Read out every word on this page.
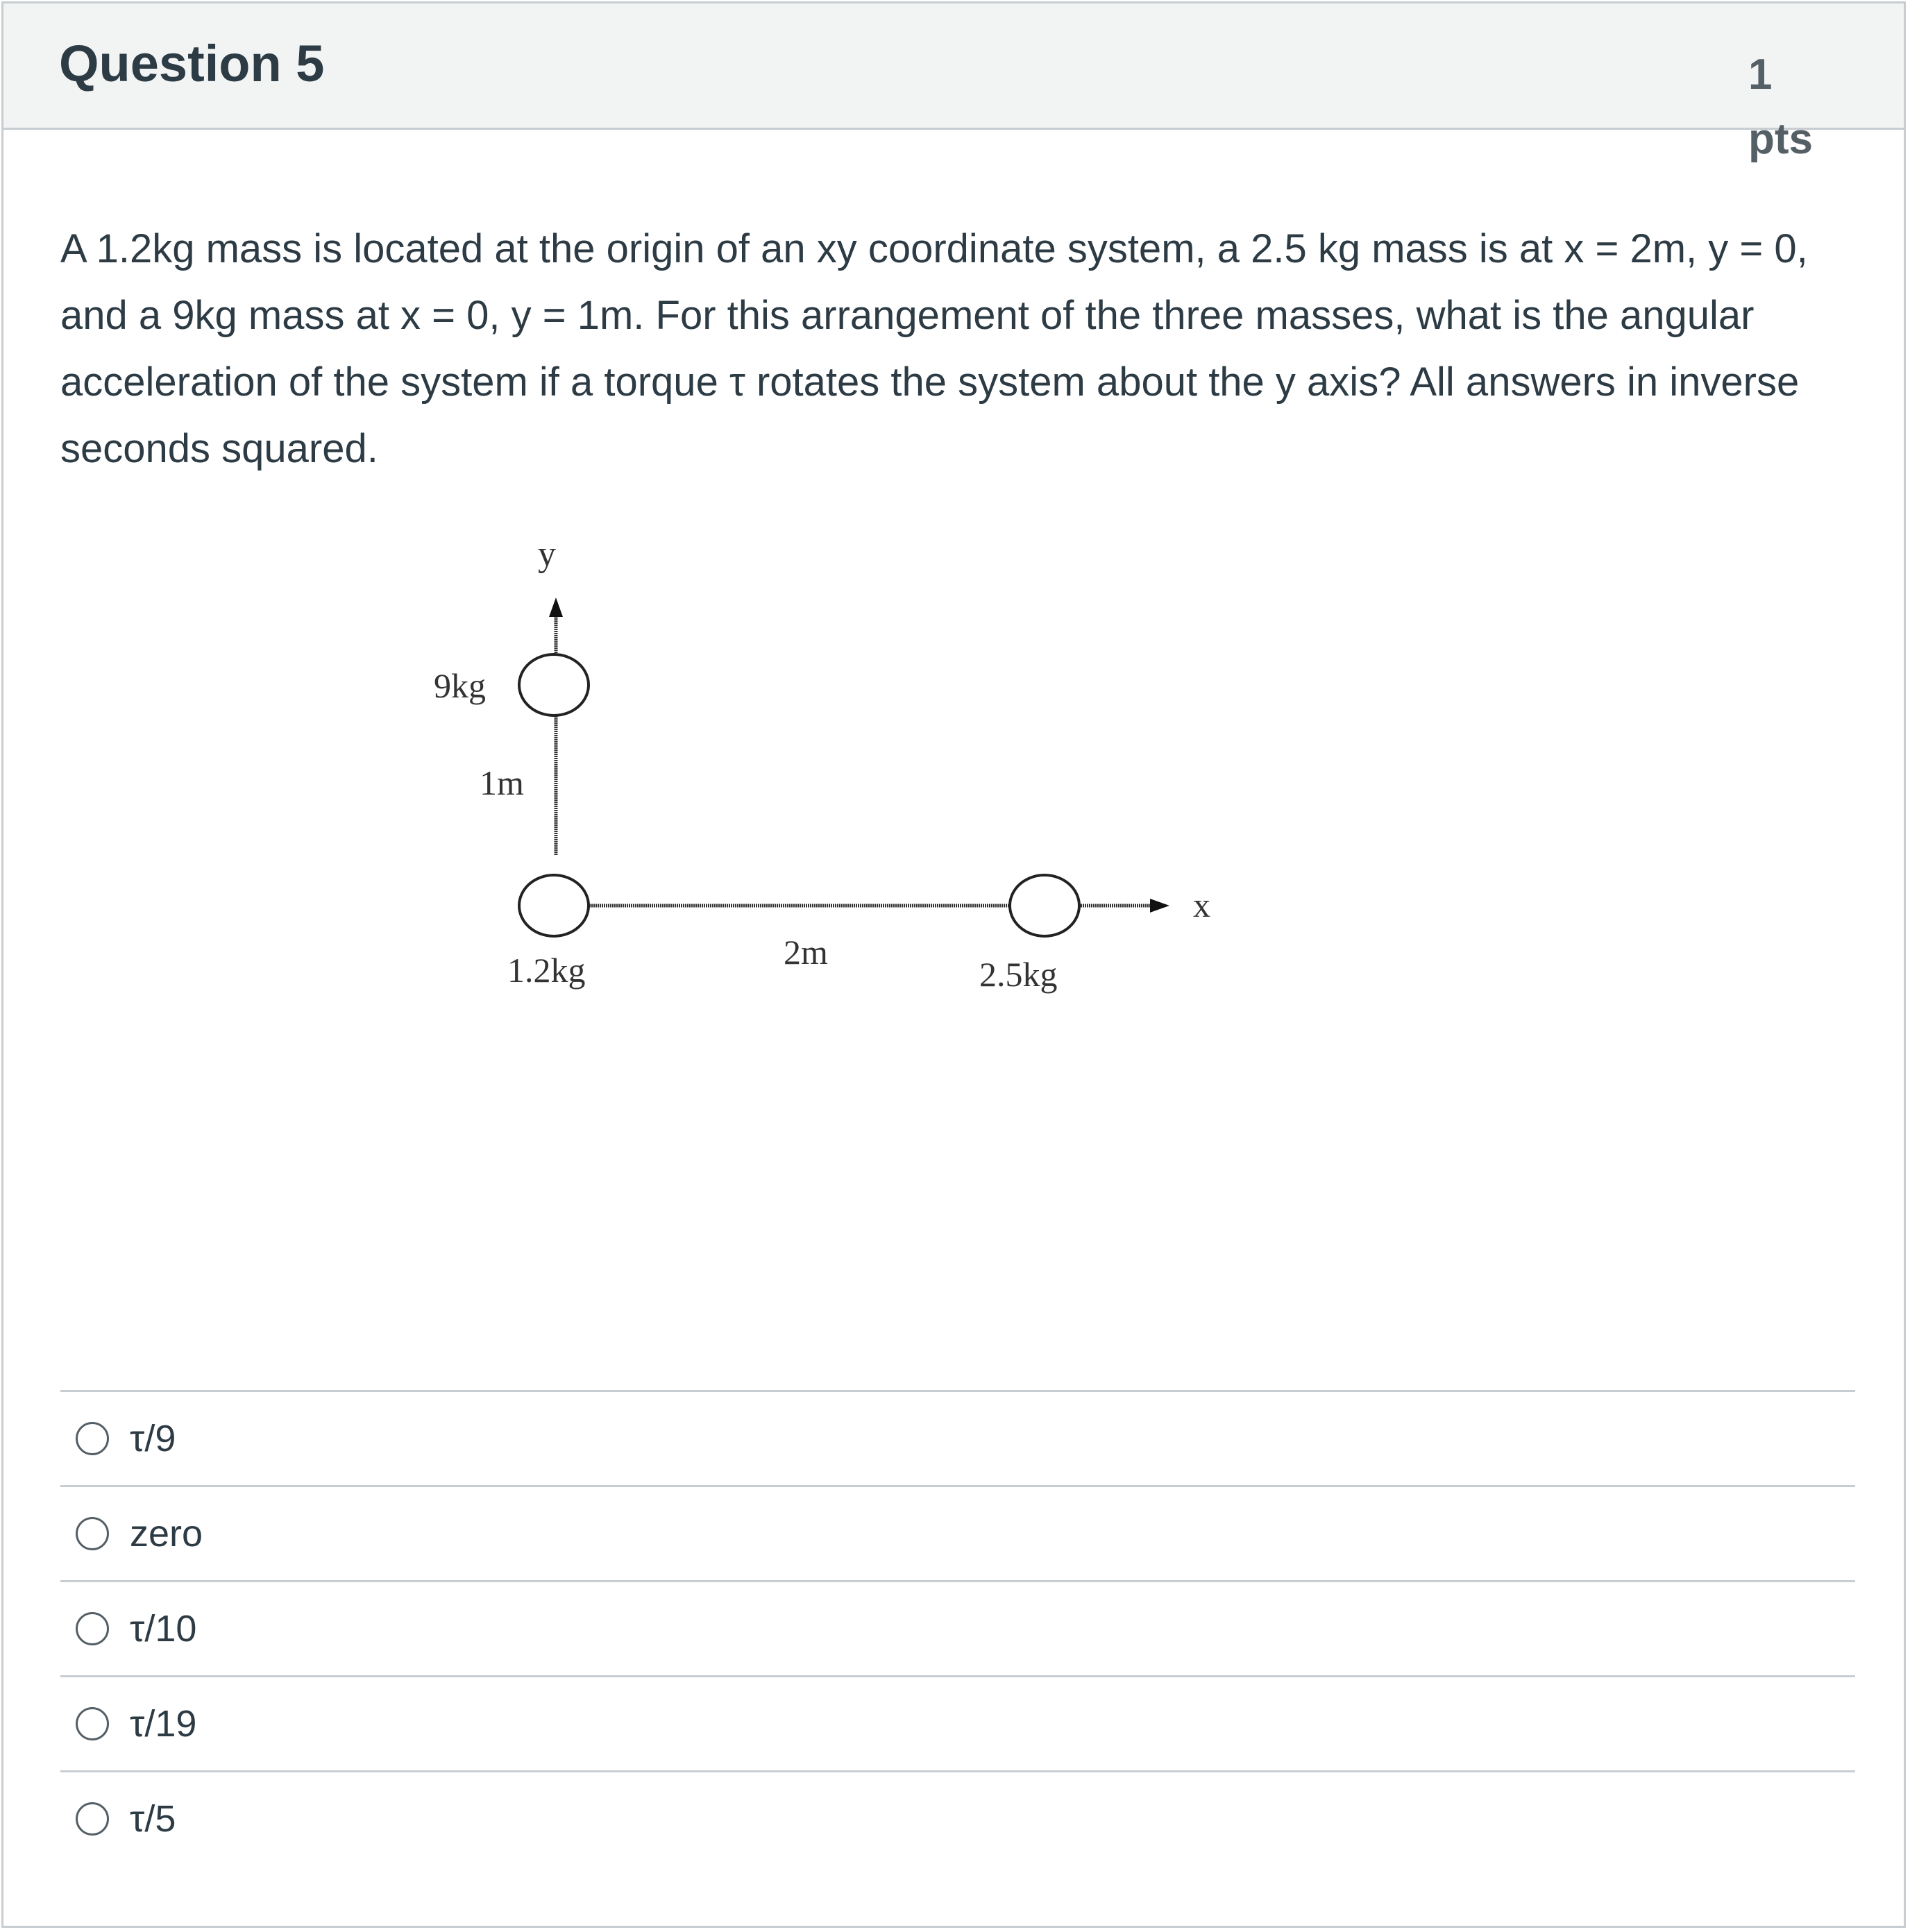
Question 5	1
pts
A 1.2kg mass is located at the origin of an xy coordinate system, a 2.5 kg mass is at x = 2m, y = 0, and a 9kg mass at x = 0, y = 1m. For this arrangement of the three masses, what is the angular acceleration of the system if a torque τ rotates the system about the y axis? All answers in inverse seconds squared.
y
x
9kg
1m
1.2kg	2m
2.5kg
τ/9
zero
τ/10
τ/19
τ/5
